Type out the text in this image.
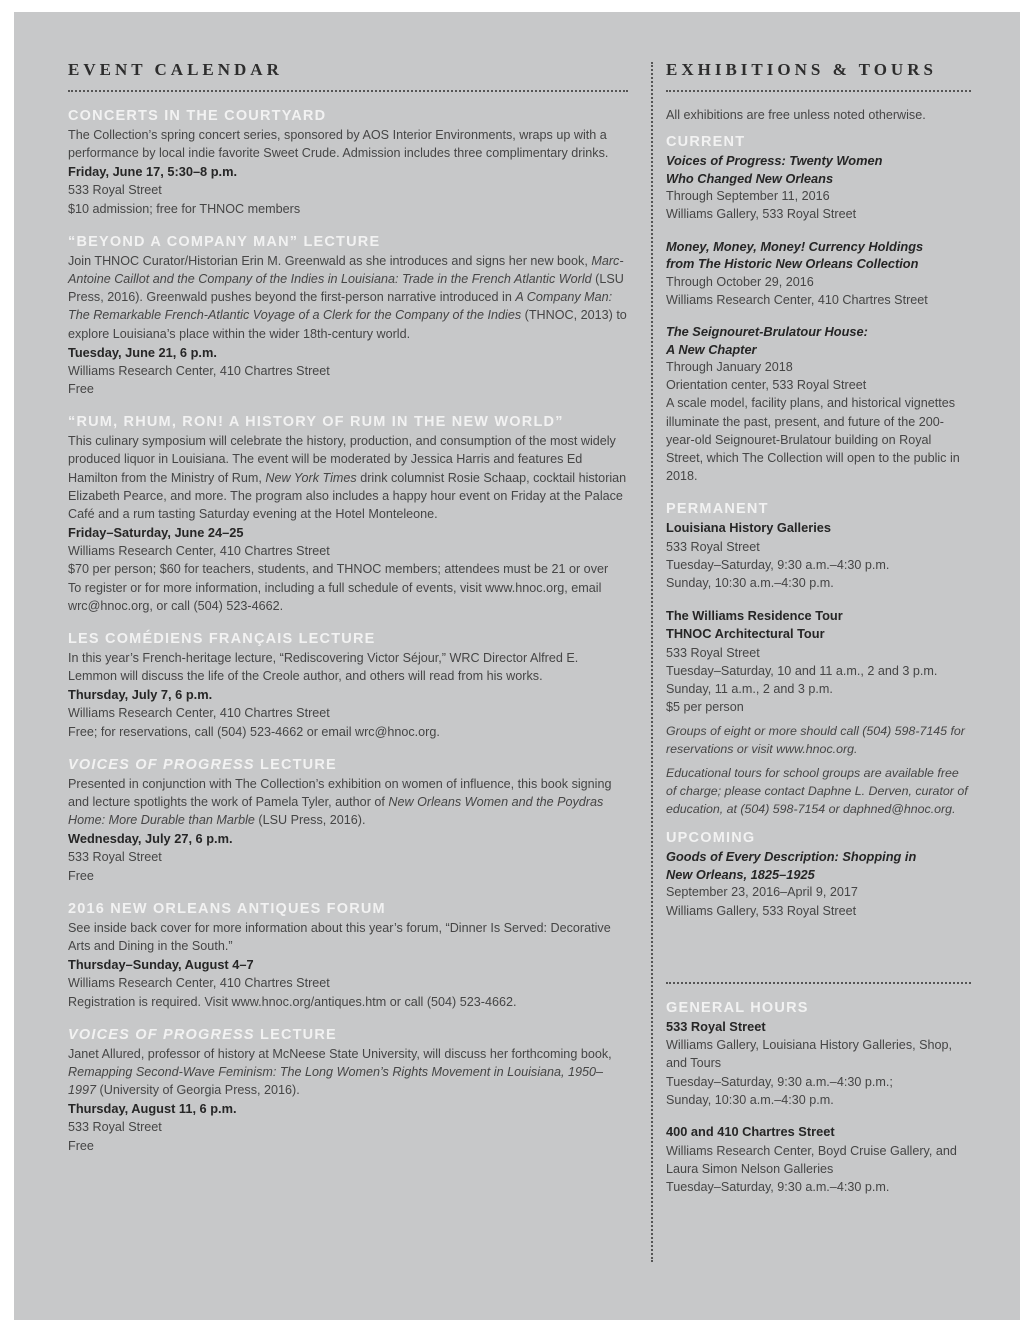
EVENT CALENDAR
CONCERTS IN THE COURTYARD

The Collection’s spring concert series, sponsored by AOS Interior Environments, wraps up with a performance by local indie favorite Sweet Crude. Admission includes three complimentary drinks.

Friday, June 17, 5:30–8 p.m.

533 Royal Street

$10 admission; free for THNOC members

“BEYOND A COMPANY MAN” LECTURE

Join THNOC Curator/Historian Erin M. Greenwald as she introduces and signs her new book, Marc-Antoine Caillot and the Company of the Indies in Louisiana: Trade in the French Atlantic World (LSU Press, 2016). Greenwald pushes beyond the first-person narrative introduced in A Company Man: The Remarkable French-Atlantic Voyage of a Clerk for the Company of the Indies (THNOC, 2013) to explore Louisiana’s place within the wider 18th-century world.

Tuesday, June 21, 6 p.m.

Williams Research Center, 410 Chartres Street

Free

“RUM, RHUM, RON! A HISTORY OF RUM IN THE NEW WORLD”

This culinary symposium will celebrate the history, production, and consumption of the most widely produced liquor in Louisiana. The event will be moderated by Jessica Harris and features Ed Hamilton from the Ministry of Rum, New York Times drink columnist Rosie Schaap, cocktail historian Elizabeth Pearce, and more. The program also includes a happy hour event on Friday at the Palace Café and a rum tasting Saturday evening at the Hotel Monteleone.

Friday–Saturday, June 24–25

Williams Research Center, 410 Chartres Street

$70 per person; $60 for teachers, students, and THNOC members; attendees must be 21 or over

To register or for more information, including a full schedule of events, visit www.hnoc.org, email wrc@hnoc.org, or call (504) 523-4662.

LES COMÉDIENS FRANÇAIS LECTURE

In this year’s French-heritage lecture, “Rediscovering Victor Séjour,” WRC Director Alfred E. Lemmon will discuss the life of the Creole author, and others will read from his works.

Thursday, July 7, 6 p.m.

Williams Research Center, 410 Chartres Street

Free; for reservations, call (504) 523-4662 or email wrc@hnoc.org.

VOICES OF PROGRESS LECTURE

Presented in conjunction with The Collection’s exhibition on women of influence, this book signing and lecture spotlights the work of Pamela Tyler, author of New Orleans Women and the Poydras Home: More Durable than Marble (LSU Press, 2016).

Wednesday, July 27, 6 p.m.

533 Royal Street

Free

2016 NEW ORLEANS ANTIQUES FORUM

See inside back cover for more information about this year’s forum, “Dinner Is Served: Decorative Arts and Dining in the South.”

Thursday–Sunday, August 4–7

Williams Research Center, 410 Chartres Street

Registration is required. Visit www.hnoc.org/antiques.htm or call (504) 523-4662.

VOICES OF PROGRESS LECTURE

Janet Allured, professor of history at McNeese State University, will discuss her forthcoming book, Remapping Second-Wave Feminism: The Long Women’s Rights Movement in Louisiana, 1950–1997 (University of Georgia Press, 2016).

Thursday, August 11, 6 p.m.

533 Royal Street

Free

EXHIBITIONS & TOURS

All exhibitions are free unless noted otherwise.

CURRENT

Voices of Progress: Twenty Women

Who Changed New Orleans

Through September 11, 2016

Williams Gallery, 533 Royal Street

Money, Money, Money! Currency Holdings

from The Historic New Orleans Collection

Through October 29, 2016

Williams Research Center, 410 Chartres Street

The Seignouret-Brulatour House:

A New Chapter

Through January 2018

Orientation center, 533 Royal Street

A scale model, facility plans, and historical vignettes illuminate the past, present, and future of the 200-year-old Seignouret-Brulatour building on Royal Street, which The Collection will open to the public in 2018.

PERMANENT

Louisiana History Galleries

533 Royal Street

Tuesday–Saturday, 9:30 a.m.–4:30 p.m.

Sunday, 10:30 a.m.–4:30 p.m.

The Williams Residence Tour

THNOC Architectural Tour

533 Royal Street

Tuesday–Saturday, 10 and 11 a.m., 2 and 3 p.m.

Sunday, 11 a.m., 2 and 3 p.m.

$5 per person

Groups of eight or more should call (504) 598-7145 for reservations or visit www.hnoc.org.

Educational tours for school groups are available free of charge; please contact Daphne L. Derven, curator of education, at (504) 598-7154 or daphned@hnoc.org.

UPCOMING

Goods of Every Description: Shopping in

New Orleans, 1825–1925

September 23, 2016–April 9, 2017

Williams Gallery, 533 Royal Street

GENERAL HOURS

533 Royal Street

Williams Gallery, Louisiana History Galleries, Shop, and Tours

Tuesday–Saturday, 9:30 a.m.–4:30 p.m.;

Sunday, 10:30 a.m.–4:30 p.m.

400 and 410 Chartres Street

Williams Research Center, Boyd Cruise Gallery, and Laura Simon Nelson Galleries

Tuesday–Saturday, 9:30 a.m.–4:30 p.m.
